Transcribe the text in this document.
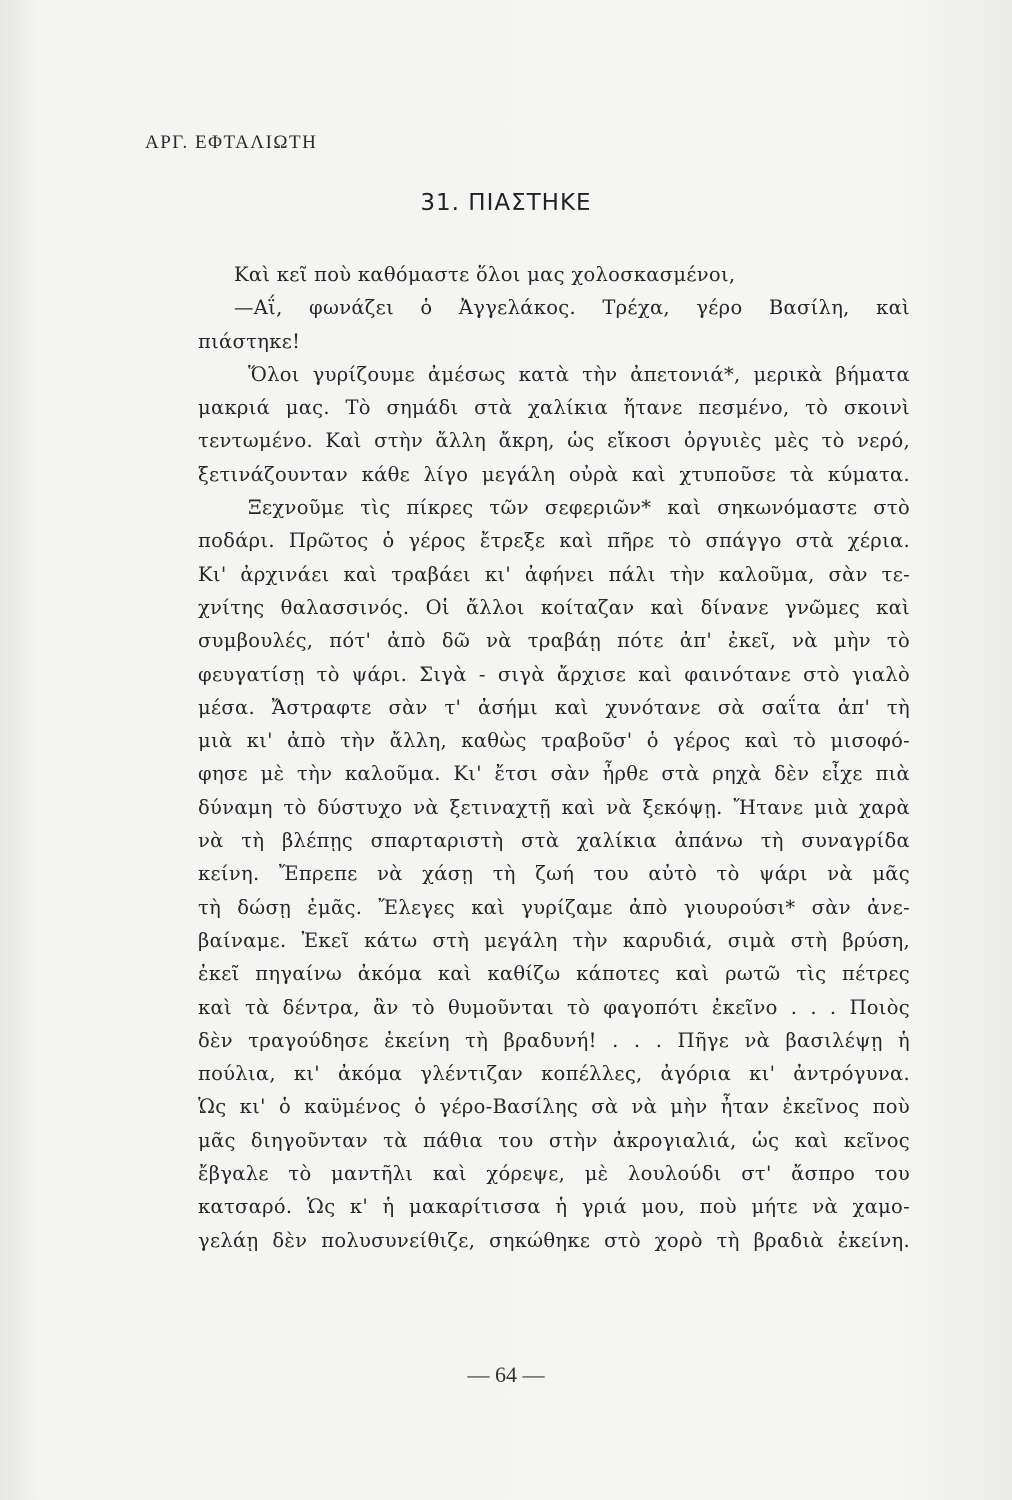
ΑΡΓ. ΕΦΤΑΛΙΩΤΗ
31. ΠΙΑΣΤΗΚΕ
Καὶ κεῖ ποὺ καθόμαστε ὅλοι μας χολοσκασμένοι,
—Αΐ, φωνάζει ὁ Ἀγγελάκος. Τρέχα, γέρο Βασίλη, καὶ
πιάστηκε!
Ὅλοι γυρίζουμε ἀμέσως κατὰ τὴν ἀπετονιά*, μερικὰ βήματα
μακριά μας. Τὸ σημάδι στὰ χαλίκια ἤτανε πεσμένο, τὸ σκοινὶ
τεντωμένο. Καὶ στὴν ἄλλη ἄκρη, ὡς εἴκοσι ὀργυιὲς μὲς τὸ νερό,
ξετινάζουνταν κάθε λίγο μεγάλη οὐρὰ καὶ χτυποῦσε τὰ κύματα.
Ξεχνοῦμε τὶς πίκρες τῶν σεφεριῶν* καὶ σηκωνόμαστε στὸ
ποδάρι. Πρῶτος ὁ γέρος ἔτρεξε καὶ πῆρε τὸ σπάγγο στὰ χέρια.
Κι' ἀρχινάει καὶ τραβάει κι' ἀφήνει πάλι τὴν καλοῦμα, σὰν τε-
χνίτης θαλασσινός. Οἱ ἄλλοι κοίταζαν καὶ δίνανε γνῶμες καὶ
συμβουλές, πότ' ἀπὸ δῶ νὰ τραβάῃ πότε ἀπ' ἐκεῖ, νὰ μὴν τὸ
φευγατίσῃ τὸ ψάρι. Σιγὰ - σιγὰ ἄρχισε καὶ φαινότανε στὸ γιαλὸ
μέσα. Ἄστραφτε σὰν τ' ἀσήμι καὶ χυνότανε σὰ σαΐτα ἀπ' τὴ
μιὰ κι' ἀπὸ τὴν ἄλλη, καθὼς τραβοῦσ' ὁ γέρος καὶ τὸ μισοφό-
φησε μὲ τὴν καλοῦμα. Κι' ἔτσι σὰν ἦρθε στὰ ρηχὰ δὲν εἶχε πιὰ
δύναμη τὸ δύστυχο νὰ ξετιναχτῇ καὶ νὰ ξεκόψῃ. Ἤτανε μιὰ χαρὰ
νὰ τὴ βλέπῃς σπαρταριστὴ στὰ χαλίκια ἀπάνω τὴ συναγρίδα
κείνη. Ἔπρεπε νὰ χάσῃ τὴ ζωή του αὐτὸ τὸ ψάρι νὰ μᾶς
τὴ δώσῃ ἐμᾶς. Ἔλεγες καὶ γυρίζαμε ἀπὸ γιουρούσι* σὰν ἀνε-
βαίναμε. Ἐκεῖ κάτω στὴ μεγάλη τὴν καρυδιά, σιμὰ στὴ βρύση,
ἐκεῖ πηγαίνω ἀκόμα καὶ καθίζω κάποτες καὶ ρωτῶ τὶς πέτρες
καὶ τὰ δέντρα, ἂν τὸ θυμοῦνται τὸ φαγοπότι ἐκεῖνο . . . Ποιὸς
δὲν τραγούδησε ἐκείνη τὴ βραδυνή! . . . Πῆγε νὰ βασιλέψῃ ἡ
πούλια, κι' ἀκόμα γλέντιζαν κοπέλλες, ἀγόρια κι' ἀντρόγυνα.
Ὡς κι' ὁ καϋμένος ὁ γέρο-Βασίλης σὰ νὰ μὴν ἦταν ἐκεῖνος ποὺ
μᾶς διηγοῦνταν τὰ πάθια του στὴν ἀκρογιαλιά, ὡς καὶ κεῖνος
ἔβγαλε τὸ μαντῆλι καὶ χόρεψε, μὲ λουλούδι στ' ἄσπρο του
κατσαρό. Ὡς κ' ἡ μακαρίτισσα ἡ γριά μου, ποὺ μήτε νὰ χαμο-
γελάῃ δὲν πολυσυνείθιζε, σηκώθηκε στὸ χορὸ τὴ βραδιὰ ἐκείνη.
— 64 —
